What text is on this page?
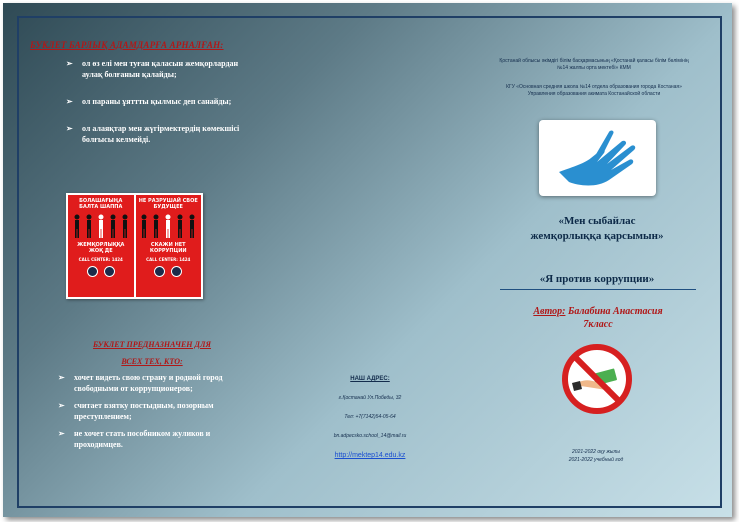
БУКЛЕТ БАРЛЫҚ АДАМДАРҒА АРНАЛҒАН:
➢ ол өз елі мен туған қаласын жемқорлардан аулақ болғанын қалайды;
➢ ол параны ұяттты қылмыс деп санайды;
➢ ол алаяқтар мен жүгірмектердің көмекшісі болғысы келмейді.
БОЛАШАҒЫҢА БАЛТА ШАППА
ЖЕМҚОРЛЫҚҚА ЖОҚ ДЕ
CALL CENTER: 1424
НЕ РАЗРУШАЙ СВОЕ БУДУЩЕЕ
СКАЖИ НЕТ КОРРУПЦИИ
CALL CENTER: 1424
БУКЛЕТ ПРЕДНАЗНАЧЕН ДЛЯ
ВСЕХ ТЕХ, КТО:
➢ хочет видеть свою страну и родной город свободными от коррупционеров;
➢ считает взятку постыдным, позорным преступлением;
➢ не хочет стать пособником жуликов и проходимцев.
НАШ АДРЕС:
г.Қостанай Ул.Победы, 32
Тел: +7(7142)54-05-64
bn.adpecsko.school_14@mail.ru
http://mektep14.edu.kz
Қостанай облысы әкімдігі білім басқармасының «Қостанай қаласы білім бөлімінің №14 жалпы орта мектебі» КММ
КГУ «Основная средняя школа №14 отдела образования города Костаная» Управления образования акимата Костанайской области
«Мен сыбайлас
жемқорлыққа қарсымын»
«Я против коррупции»
Автор: Балабина Анастасия
7класс
2021-2022 оқу жылы
2021-2022 учебный год
